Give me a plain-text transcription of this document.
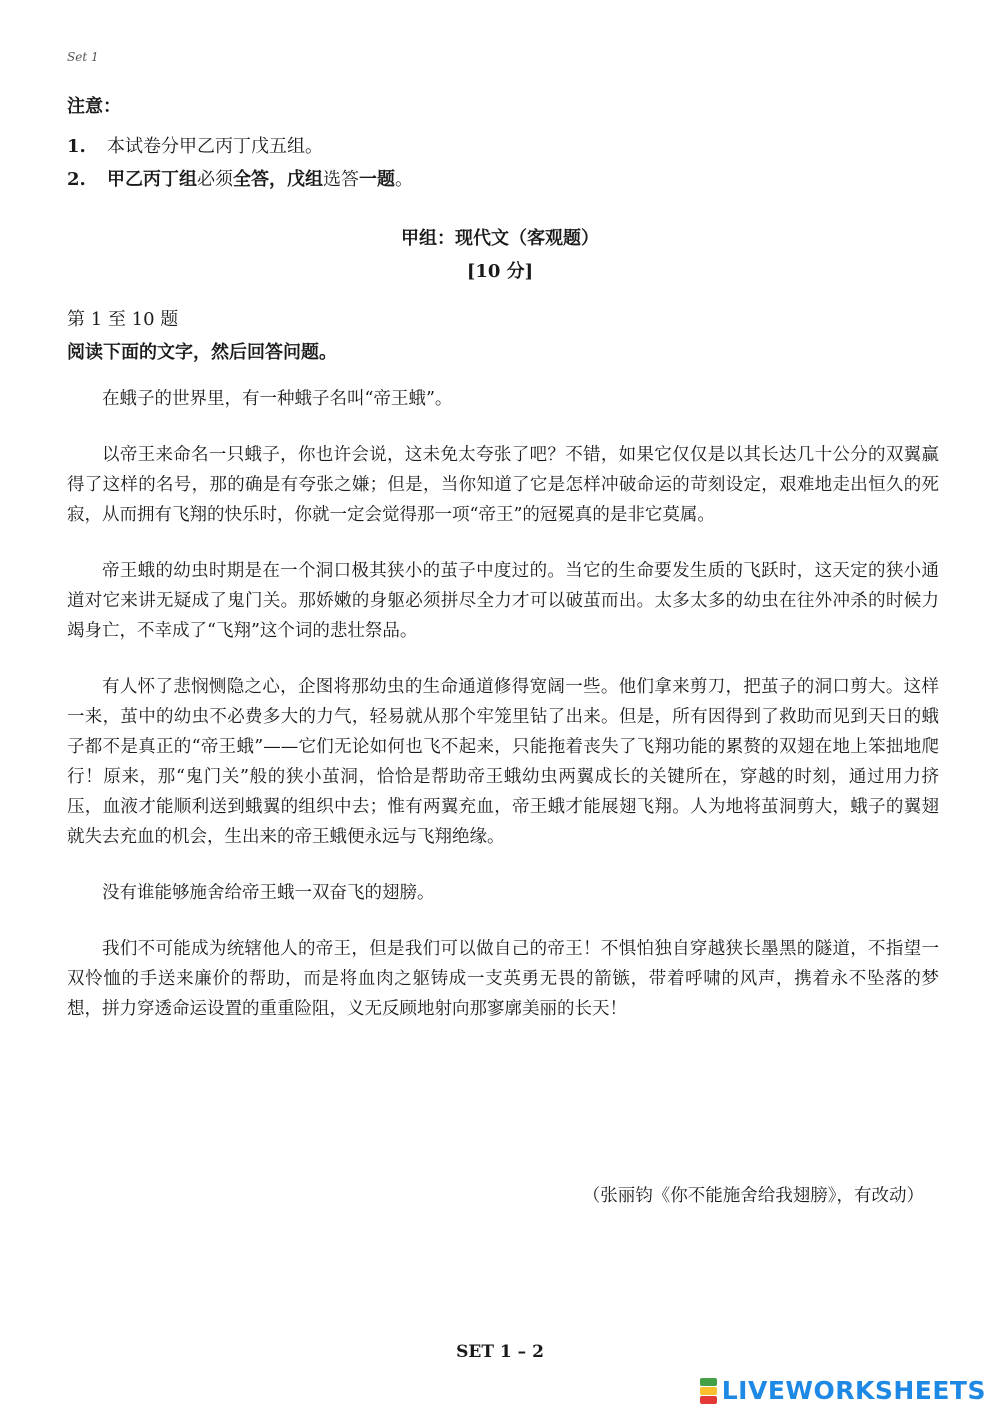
Set 1
注意：
1.	本试卷分甲乙丙丁戊五组。
2.	甲乙丙丁组必须全答，戊组选答一题。
甲组：现代文（客观题）
[10 分]
第 1 至 10 题
阅读下面的文字，然后回答问题。

在蛾子的世界里，有一种蛾子名叫“帝王蛾”。

以帝王来命名一只蛾子，你也许会说，这未免太夸张了吧？不错，如果它仅仅是以其长达几十公分的双翼赢得了这样的名号，那的确是有夸张之嫌；但是，当你知道了它是怎样冲破命运的苛刻设定，艰难地走出恒久的死寂，从而拥有飞翔的快乐时，你就一定会觉得那一项“帝王”的冠冕真的是非它莫属。

帝王蛾的幼虫时期是在一个洞口极其狭小的茧子中度过的。当它的生命要发生质的飞跃时，这天定的狭小通道对它来讲无疑成了鬼门关。那娇嫩的身躯必须拼尽全力才可以破茧而出。太多太多的幼虫在往外冲杀的时候力竭身亡，不幸成了“飞翔”这个词的悲壮祭品。

有人怀了悲悯恻隐之心，企图将那幼虫的生命通道修得宽阔一些。他们拿来剪刀，把茧子的洞口剪大。这样一来，茧中的幼虫不必费多大的力气，轻易就从那个牢笼里钻了出来。但是，所有因得到了救助而见到天日的蛾子都不是真正的“帝王蛾”——它们无论如何也飞不起来，只能拖着丧失了飞翔功能的累赘的双翅在地上笨拙地爬行！原来，那“鬼门关”般的狭小茧洞，恰恰是帮助帝王蛾幼虫两翼成长的关键所在，穿越的时刻，通过用力挤压，血液才能顺利送到蛾翼的组织中去；惟有两翼充血，帝王蛾才能展翅飞翔。人为地将茧洞剪大，蛾子的翼翅就失去充血的机会，生出来的帝王蛾便永远与飞翔绝缘。

没有谁能够施舍给帝王蛾一双奋飞的翅膀。

我们不可能成为统辖他人的帝王，但是我们可以做自己的帝王！不惧怕独自穿越狭长墨黑的隧道，不指望一双怜恤的手送来廉价的帮助，而是将血肉之躯铸成一支英勇无畏的箭镞，带着呼啸的风声，携着永不坠落的梦想，拼力穿透命运设置的重重险阻，义无反顾地射向那寥廓美丽的长天！

（张丽钧《你不能施舍给我翅膀》，有改动）
SET 1 – 2
LIVEWORKSHEETS
